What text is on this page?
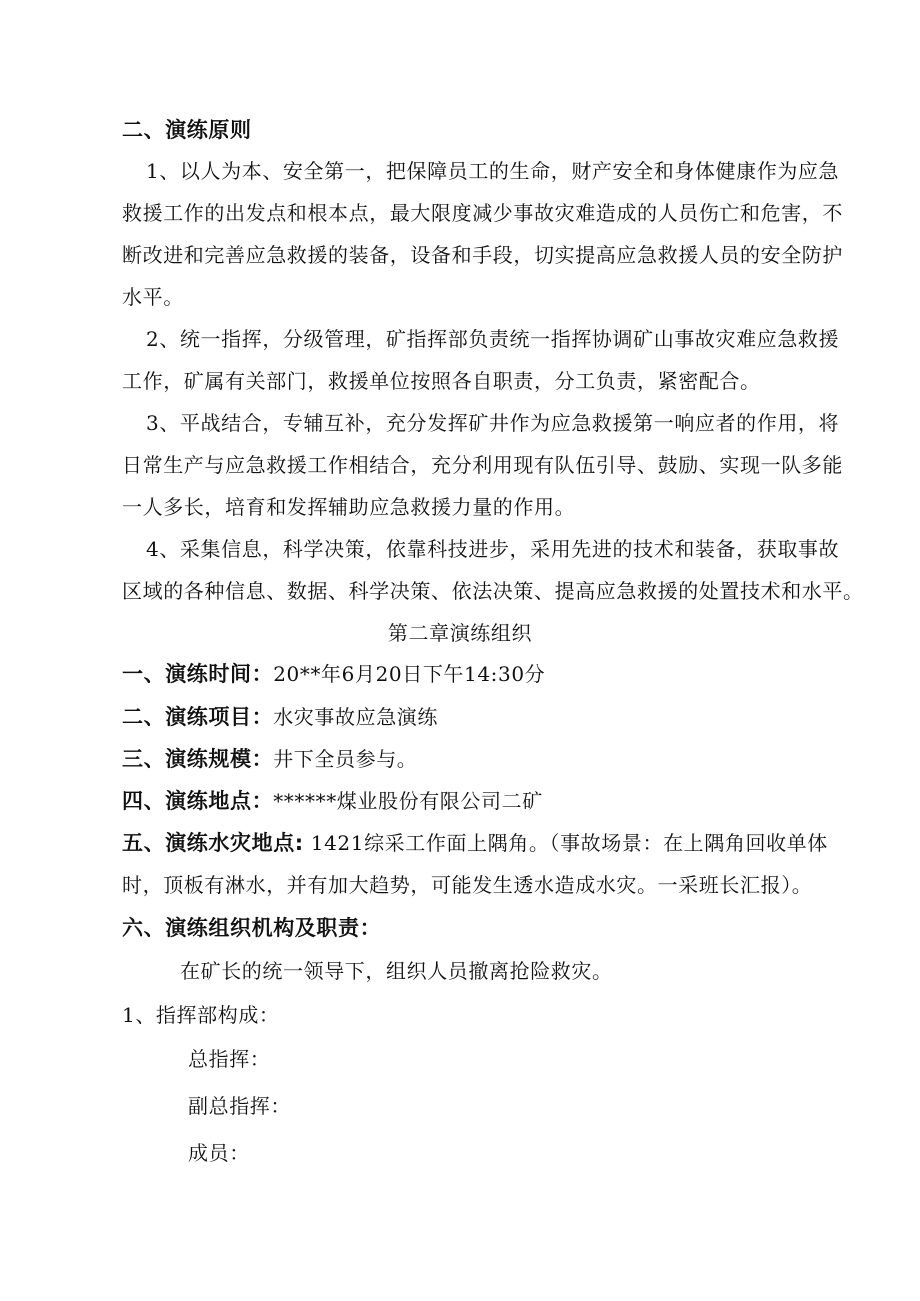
二、演练原则
1、以人为本、安全第一，把保障员工的生命，财产安全和身体健康作为应急
救援工作的出发点和根本点，最大限度减少事故灾难造成的人员伤亡和危害，不
断改进和完善应急救援的装备，设备和手段，切实提高应急救援人员的安全防护
水平。
2、统一指挥，分级管理，矿指挥部负责统一指挥协调矿山事故灾难应急救援
工作，矿属有关部门，救援单位按照各自职责，分工负责，紧密配合。
3、平战结合，专辅互补，充分发挥矿井作为应急救援第一响应者的作用，将
日常生产与应急救援工作相结合，充分利用现有队伍引导、鼓励、实现一队多能
一人多长，培育和发挥辅助应急救援力量的作用。
4、采集信息，科学决策，依靠科技进步，采用先进的技术和装备，获取事故
区域的各种信息、数据、科学决策、依法决策、提高应急救援的处置技术和水平。
第二章演练组织
一、演练时间：20**年6月20日下午14:30分
二、演练项目：水灾事故应急演练
三、演练规模：井下全员参与。
四、演练地点：******煤业股份有限公司二矿
五、演练水灾地点: 1421综采工作面上隅角。（事故场景：在上隅角回收单体
时，顶板有淋水，并有加大趋势，可能发生透水造成水灾。一采班长汇报）。
六、演练组织机构及职责：
在矿长的统一领导下，组织人员撤离抢险救灾。
1、指挥部构成：
总指挥：
副总指挥：
成员：
